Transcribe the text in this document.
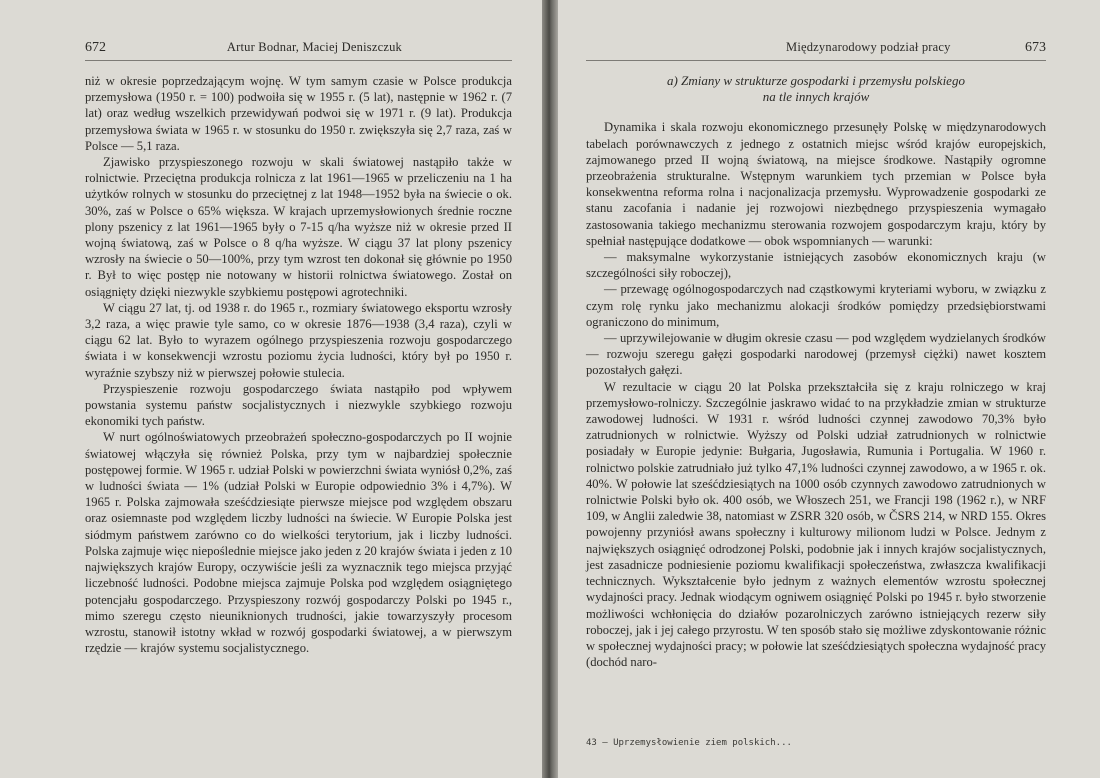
672	Artur Bodnar, Maciej Deniszczuk

niż w okresie poprzedzającym wojnę. W tym samym czasie w Polsce produkcja przemysłowa (1950 r. = 100) podwoiła się w 1955 r. (5 lat), następnie w 1962 r. (7 lat) oraz według wszelkich przewidywań podwoi się w 1971 r. (9 lat). Produkcja przemysłowa świata w 1965 r. w stosunku do 1950 r. zwiększyła się 2,7 raza, zaś w Polsce — 5,1 raza.

Zjawisko przyspieszonego rozwoju w skali światowej nastąpiło także w rolnictwie. Przeciętna produkcja rolnicza z lat 1961—1965 w przeliczeniu na 1 ha użytków rolnych w stosunku do przeciętnej z lat 1948—1952 była na świecie o ok. 30%, zaś w Polsce o 65% większa. W krajach uprzemysłowionych średnie roczne plony pszenicy z lat 1961—1965 były o 7-15 q/ha wyższe niż w okresie przed II wojną światową, zaś w Polsce o 8 q/ha wyższe. W ciągu 37 lat plony pszenicy wzrosły na świecie o 50—100%, przy tym wzrost ten dokonał się głównie po 1950 r. Był to więc postęp nie notowany w historii rolnictwa światowego. Został on osiągnięty dzięki niezwykle szybkiemu postępowi agrotechniki.

W ciągu 27 lat, tj. od 1938 r. do 1965 r., rozmiary światowego eksportu wzrosły 3,2 raza, a więc prawie tyle samo, co w okresie 1876—1938 (3,4 raza), czyli w ciągu 62 lat. Było to wyrazem ogólnego przyspieszenia rozwoju gospodarczego świata i w konsekwencji wzrostu poziomu życia ludności, który był po 1950 r. wyraźnie szybszy niż w pierwszej połowie stulecia.

Przyspieszenie rozwoju gospodarczego świata nastąpiło pod wpływem powstania systemu państw socjalistycznych i niezwykle szybkiego rozwoju ekonomiki tych państw.

W nurt ogólnoświatowych przeobrażeń społeczno-gospodarczych po II wojnie światowej włączyła się również Polska, przy tym w najbardziej społecznie postępowej formie. W 1965 r. udział Polski w powierzchni świata wyniósł 0,2%, zaś w ludności świata — 1% (udział Polski w Europie odpowiednio 3% i 4,7%). W 1965 r. Polska zajmowała sześćdziesiąte pierwsze miejsce pod względem obszaru oraz osiemnaste pod względem liczby ludności na świecie. W Europie Polska jest siódmym państwem zarówno co do wielkości terytorium, jak i liczby ludności. Polska zajmuje więc niepoślednie miejsce jako jeden z 20 krajów świata i jeden z 10 największych krajów Europy, oczywiście jeśli za wyznacznik tego miejsca przyjąć liczebność ludności. Podobne miejsca zajmuje Polska pod względem osiągniętego potencjału gospodarczego. Przyspieszony rozwój gospodarczy Polski po 1945 r., mimo szeregu często nieuniknionych trudności, jakie towarzyszyły procesom wzrostu, stanowił istotny wkład w rozwój gospodarki światowej, a w pierwszym rzędzie — krajów systemu socjalistycznego.

Międzynarodowy podział pracy	673
a) Zmiany w strukturze gospodarki i przemysłu polskiego
na tle innych krajów

Dynamika i skala rozwoju ekonomicznego przesunęły Polskę w międzynarodowych tabelach porównawczych z jednego z ostatnich miejsc wśród krajów europejskich, zajmowanego przed II wojną światową, na miejsce środkowe. Nastąpiły ogromne przeobrażenia strukturalne. Wstępnym warunkiem tych przemian w Polsce była konsekwentna reforma rolna i nacjonalizacja przemysłu. Wyprowadzenie gospodarki ze stanu zacofania i nadanie jej rozwojowi niezbędnego przyspieszenia wymagało zastosowania takiego mechanizmu sterowania rozwojem gospodarczym kraju, który by spełniał następujące dodatkowe — obok wspomnianych — warunki:

— maksymalne wykorzystanie istniejących zasobów ekonomicznych kraju (w szczególności siły roboczej),

— przewagę ogólnogospodarczych nad cząstkowymi kryteriami wyboru, w związku z czym rolę rynku jako mechanizmu alokacji środków pomiędzy przedsiębiorstwami ograniczono do minimum,

— uprzywilejowanie w długim okresie czasu — pod względem wydzielanych środków — rozwoju szeregu gałęzi gospodarki narodowej (przemysł ciężki) nawet kosztem pozostałych gałęzi.

W rezultacie w ciągu 20 lat Polska przekształciła się z kraju rolniczego w kraj przemysłowo-rolniczy. Szczególnie jaskrawo widać to na przykładzie zmian w strukturze zawodowej ludności. W 1931 r. wśród ludności czynnej zawodowo 70,3% było zatrudnionych w rolnictwie. Wyższy od Polski udział zatrudnionych w rolnictwie posiadały w Europie jedynie: Bułgaria, Jugosławia, Rumunia i Portugalia. W 1960 r. rolnictwo polskie zatrudniało już tylko 47,1% ludności czynnej zawodowo, a w 1965 r. ok. 40%. W połowie lat sześćdziesiątych na 1000 osób czynnych zawodowo zatrudnionych w rolnictwie Polski było ok. 400 osób, we Włoszech 251, we Francji 198 (1962 r.), w NRF 109, w Anglii zaledwie 38, natomiast w ZSRR 320 osób, w ČSRS 214, w NRD 155. Okres powojenny przyniósł awans społeczny i kulturowy milionom ludzi w Polsce. Jednym z największych osiągnięć odrodzonej Polski, podobnie jak i innych krajów socjalistycznych, jest zasadnicze podniesienie poziomu kwalifikacji społeczeństwa, zwłaszcza kwalifikacji technicznych. Wykształcenie było jednym z ważnych elementów wzrostu społecznej wydajności pracy. Jednak wiodącym ogniwem osiągnięć Polski po 1945 r. było stworzenie możliwości wchłonięcia do działów pozarolniczych zarówno istniejących rezerw siły roboczej, jak i jej całego przyrostu. W ten sposób stało się możliwe zdyskontowanie różnic w społecznej wydajności pracy; w połowie lat sześćdziesiątych społeczna wydajność pracy (dochód naro-

43 — Uprzemysłowienie ziem polskich...
